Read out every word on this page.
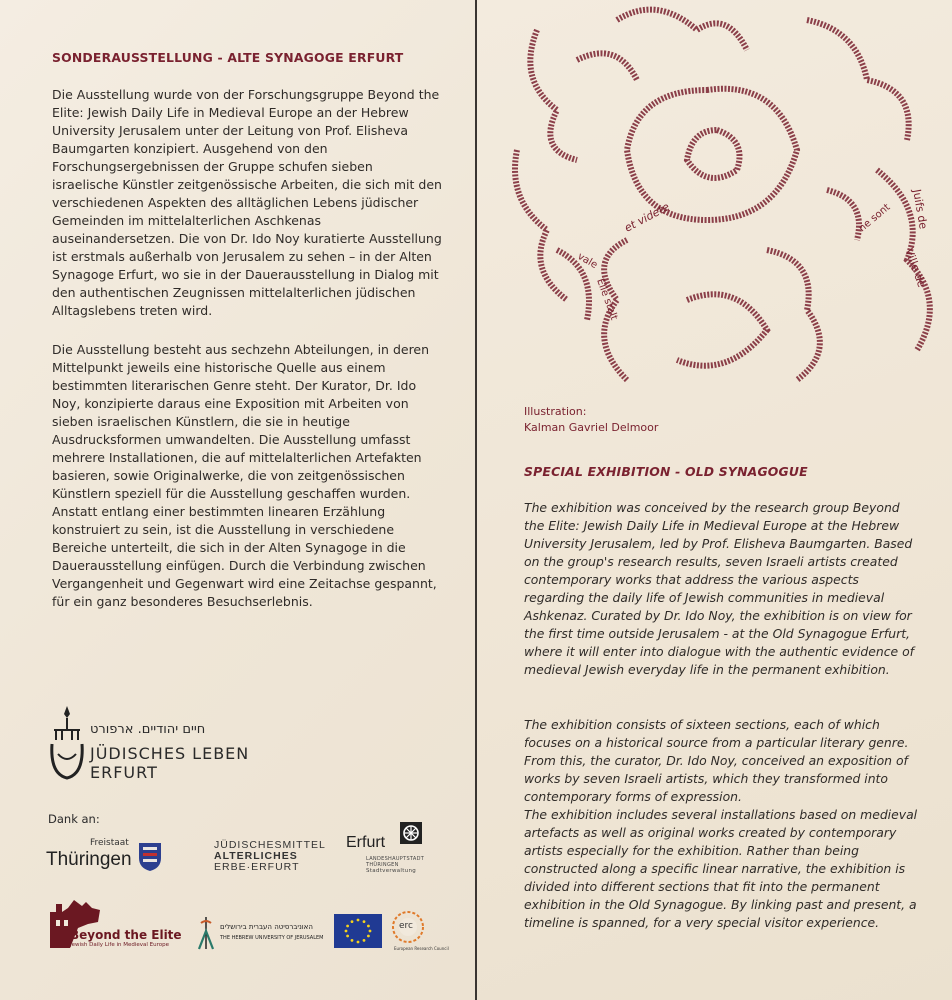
SONDERAUSSTELLUNG - ALTE SYNAGOGE ERFURT

Die Ausstellung wurde von der Forschungsgruppe Beyond the Elite: Jewish Daily Life in Medieval Europe an der Hebrew University Jerusalem unter der Leitung von Prof. Elisheva Baumgarten konzipiert. Ausgehend von den Forschungsergebnissen der Gruppe schufen sieben israelische Künstler zeitgenössische Arbeiten, die sich mit den verschiedenen Aspekten des alltäglichen Lebens jüdischer Gemeinden im mittelalterlichen Aschkenas auseinandersetzen. Die von Dr. Ido Noy kuratierte Ausstellung ist erstmals außerhalb von Jerusalem zu sehen – in der Alten Synagoge Erfurt, wo sie in der Dauerausstellung in Dialog mit den authentischen Zeugnissen mittelalterlichen jüdischen Alltagslebens treten wird.

Die Ausstellung besteht aus sechzehn Abteilungen, in deren Mittelpunkt jeweils eine historische Quelle aus einem bestimmten literarischen Genre steht. Der Kurator, Dr. Ido Noy, konzipierte daraus eine Exposition mit Arbeiten von sieben israelischen Künstlern, die sie in heutige Ausdrucksformen umwandelten. Die Ausstellung umfasst mehrere Installationen, die auf mittelalterlichen Artefakten basieren, sowie Originalwerke, die von zeitgenössischen Künstlern speziell für die Ausstellung geschaffen wurden. Anstatt entlang einer bestimmten linearen Erzählung konstruiert zu sein, ist die Ausstellung in verschiedene Bereiche unterteilt, die sich in der Alten Synagoge in die Dauerausstellung einfügen. Durch die Verbindung zwischen Vergangenheit und Gegenwart wird eine Zeitachse gespannt, für ein ganz besonderes Besuchserlebnis.

חיים יהודיים. ארפורט
JÜDISCHES LEBEN
ERFURT
Dank an:
Freistaat
Thüringen
JÜDISCHESMITTEL
ALTERLICHES
ERBE·ERFURT
Erfurt
LANDESHAUPTSTADT
THÜRINGEN
Stadtverwaltung
Beyond the Elite
Jewish Daily Life in Medieval Europe
האוניברסיטה העברית בירושלים
THE HEBREW UNIVERSITY OF JERUSALEM
erc
European Research Council
et videte
Elle stalt
Ville de
Juifs de
ne sont
vale
Illustration:
Kalman Gavriel Delmoor
SPECIAL EXHIBITION - OLD SYNAGOGUE

The exhibition was conceived by the research group Beyond the Elite: Jewish Daily Life in Medieval Europe at the Hebrew University Jerusalem, led by Prof. Elisheva Baumgarten. Based on the group's research results, seven Israeli artists created contemporary works that address the various aspects regarding the daily life of Jewish communities in medieval Ashkenaz. Curated by Dr. Ido Noy, the exhibition is on view for the first time outside Jerusalem - at the Old Synagogue Erfurt, where it will enter into dialogue with the authentic evidence of medieval Jewish everyday life in the permanent exhibition.

The exhibition consists of sixteen sections, each of which focuses on a historical source from a particular literary genre. From this, the curator, Dr. Ido Noy, conceived an exposition of works by seven Israeli artists, which they transformed into contemporary forms of expression.
The exhibition includes several installations based on medieval artefacts as well as original works created by contemporary artists especially for the exhibition. Rather than being constructed along a specific linear narrative, the exhibition is divided into different sections that fit into the permanent exhibition in the Old Synagogue. By linking past and present, a timeline is spanned, for a very special visitor experience.
